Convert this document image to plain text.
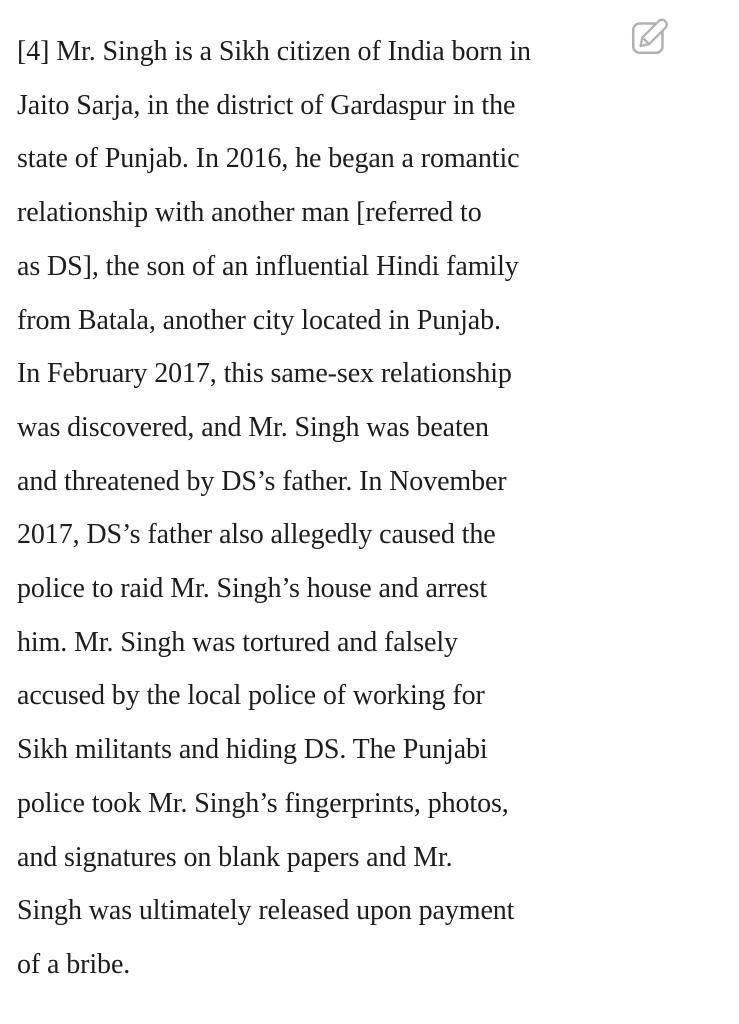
[4] Mr. Singh is a Sikh citizen of India born in
Jaito Sarja, in the district of Gardaspur in the
state of Punjab. In 2016, he began a romantic
relationship with another man [referred to
as DS], the son of an influential Hindi family
from Batala, another city located in Punjab.
In February 2017, this same-sex relationship
was discovered, and Mr. Singh was beaten
and threatened by DS’s father. In November
2017, DS’s father also allegedly caused the
police to raid Mr. Singh’s house and arrest
him. Mr. Singh was tortured and falsely
accused by the local police of working for
Sikh militants and hiding DS. The Punjabi
police took Mr. Singh’s fingerprints, photos,
and signatures on blank papers and Mr.
Singh was ultimately released upon payment
of a bribe.
